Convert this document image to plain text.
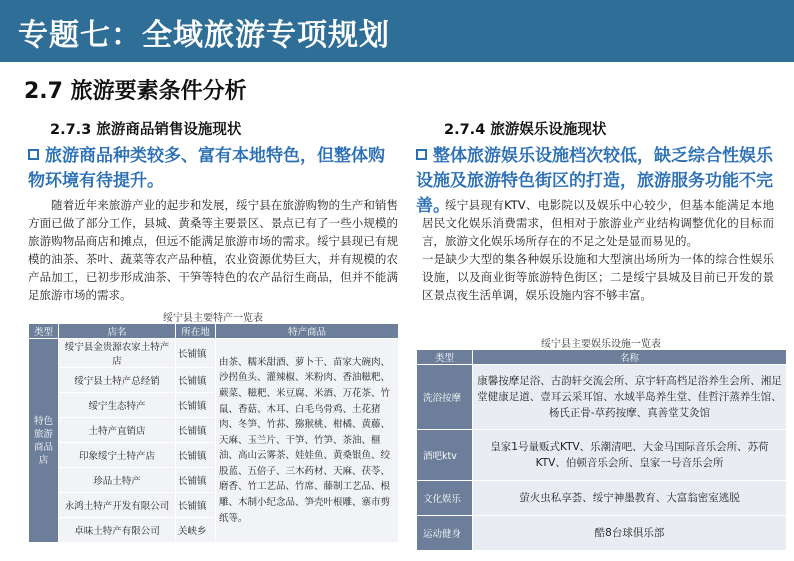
专题七：全域旅游专项规划
2.7 旅游要素条件分析
2.7.3 旅游商品销售设施现状	2.7.4 旅游娱乐设施现状
旅游商品种类较多、富有本地特色，但整体购物环境有待提升。
整体旅游娱乐设施档次较低，缺乏综合性娱乐设施及旅游特色街区的打造，旅游服务功能不完善。
随着近年来旅游产业的起步和发展，绥宁县在旅游购物的生产和销售方面已做了部分工作，县城、黄桑等主要景区、景点已有了一些小规模的旅游购物品商店和摊点，但远不能满足旅游市场的需求。绥宁县现已有规模的油茶、茶叶、蔬菜等农产品种植，农业资源优势巨大，并有规模的农产品加工，已初步形成油茶、干笋等特色的农产品衍生商品，但并不能满足旅游市场的需求。

绥宁县现有KTV、电影院以及娱乐中心较少，但基本能满足本地居民文化娱乐消费需求，但相对于旅游业产业结构调整优化的目标而言，旅游文化娱乐场所存在的不足之处是显而易见的。

一是缺少大型的集各种娱乐设施和大型演出场所为一体的综合性娱乐设施，以及商业街等旅游特色街区；二是绥宁县城及目前已开发的景区景点夜生活单调，娱乐设施内容不够丰富。

绥宁县主要特产一览表
类型	店名	所在地	特产商品
特色旅游商品店	绥宁县金贵源农家土特产店	长铺镇	由茶、糯米甜酒、萝卜干、苗家大碗肉、沙拐鱼头、灌辣椒、米粉肉、香油糍粑、蕨菜、糍粑、米豆腐、米酒、万花茶、竹鼠、香菇、木耳、白毛乌骨鸡、土花猪肉、冬笋、竹荪、猕猴桃、柑橘、黄藤、天麻、玉兰片、干笋、竹笋、茶油、榧油、高山云雾茶、娃娃鱼、黄桑银鱼、绞股蓝、五倍子、三木药材、天麻、茯苓、磨香、竹工艺品、竹席、藤制工艺品、根雕、木制小纪念品、笋壳叶根雕、寨市剪纸等。
	绥宁县土特产总经销	长铺镇	
	绥宁生态特产	长铺镇	
	土特产直销店	长铺镇	
	印象绥宁土特产店	长铺镇	
	珍品土特产	长铺镇	
	永鸿土特产开发有限公司	长铺镇	
	卓味土特产有限公司	关峡乡	
绥宁县主要娱乐设施一览表
类型	名称
洗浴按摩	康馨按摩足浴、古韵轩交流会所、京宇轩高档足浴养生会所、湘足堂健康足道、壹耳云采耳馆、水域半岛养生堂、佳哲汗蒸养生馆、杨氏正骨-草药按摩、真善堂艾灸馆
酒吧ktv	皇家1号量贩式KTV、乐潮清吧、大金马国际音乐会所、苏荷KTV、伯顿音乐会所、皇家一号音乐会所
文化娱乐	萤火虫私享荟、绥宁神墨教育、大富翁密室逃脱
运动健身	酷8台球俱乐部
